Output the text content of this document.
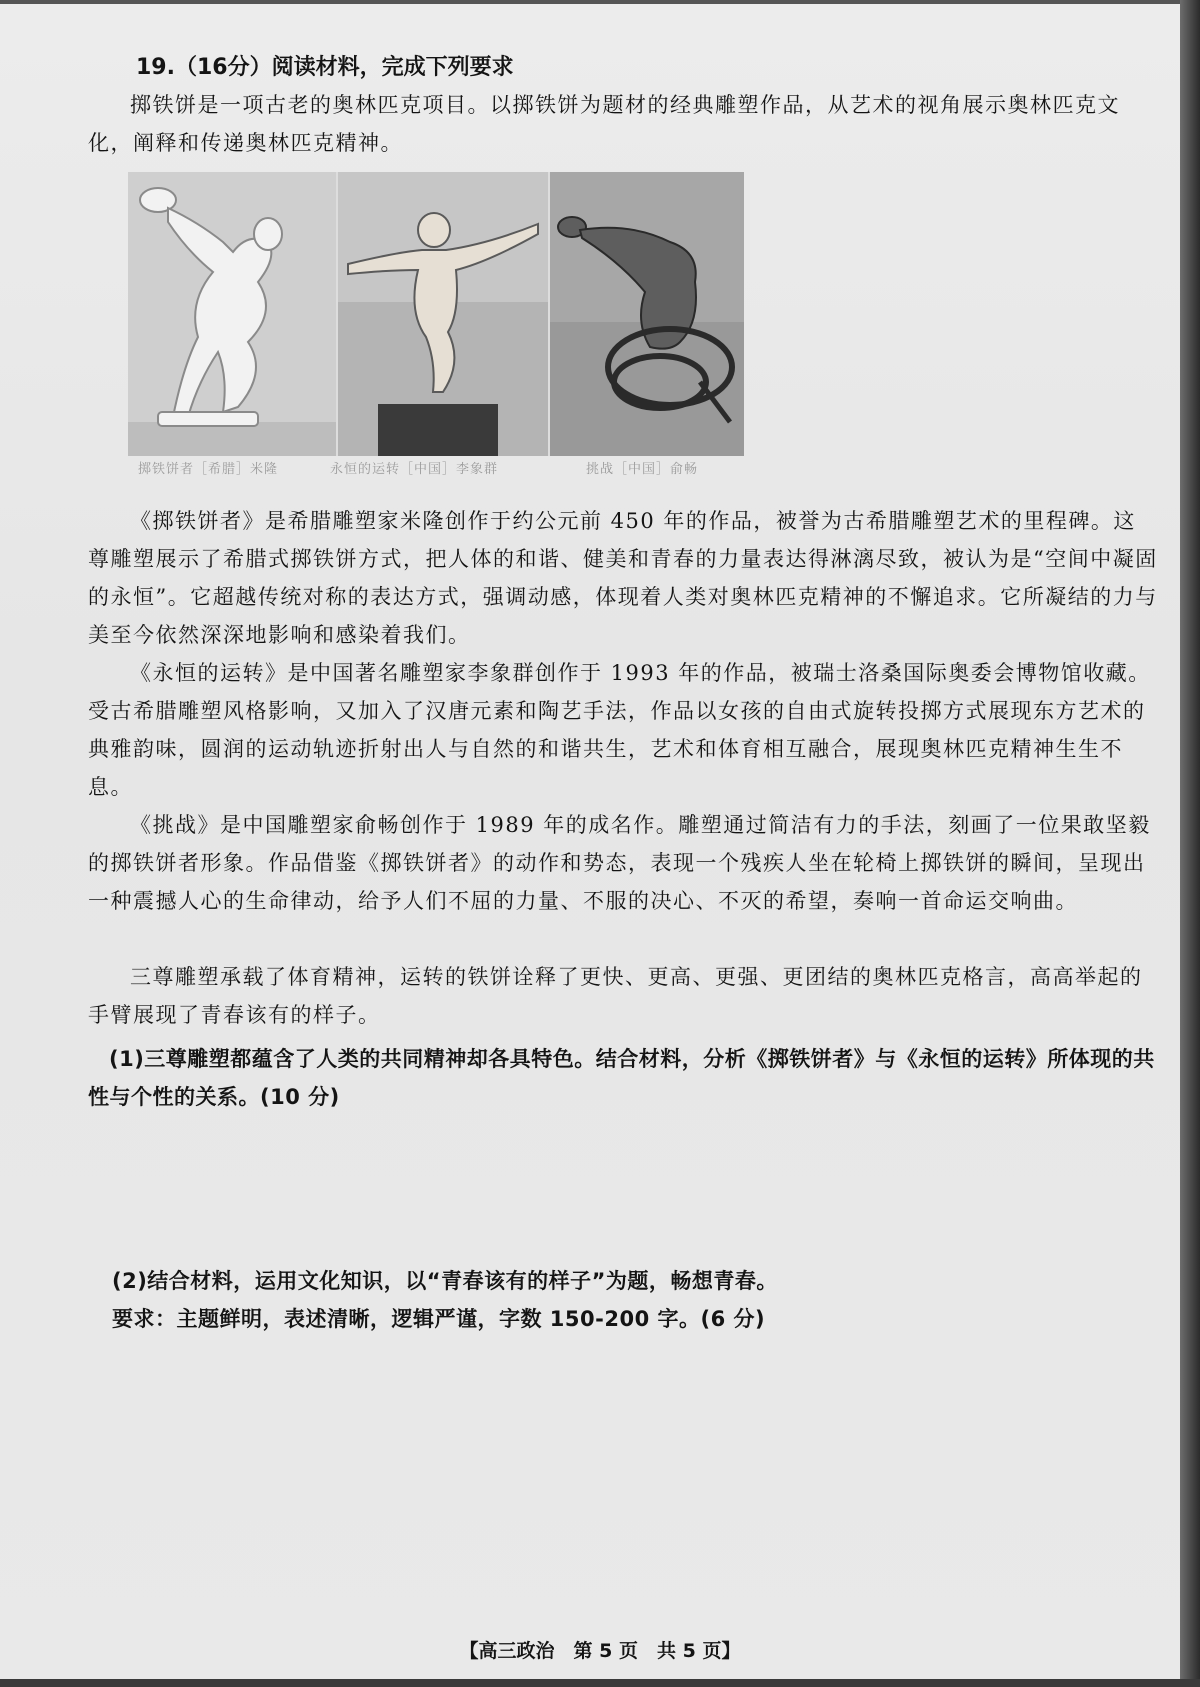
19.（16分）阅读材料，完成下列要求

掷铁饼是一项古老的奥林匹克项目。以掷铁饼为题材的经典雕塑作品，从艺术的视角展示奥林匹克文化，阐释和传递奥林匹克精神。

掷铁饼者［希腊］米隆	永恒的运转［中国］李象群	挑战［中国］俞畅

《掷铁饼者》是希腊雕塑家米隆创作于约公元前 450 年的作品，被誉为古希腊雕塑艺术的里程碑。这尊雕塑展示了希腊式掷铁饼方式，把人体的和谐、健美和青春的力量表达得淋漓尽致，被认为是“空间中凝固的永恒”。它超越传统对称的表达方式，强调动感，体现着人类对奥林匹克精神的不懈追求。它所凝结的力与美至今依然深深地影响和感染着我们。

《永恒的运转》是中国著名雕塑家李象群创作于 1993 年的作品，被瑞士洛桑国际奥委会博物馆收藏。受古希腊雕塑风格影响，又加入了汉唐元素和陶艺手法，作品以女孩的自由式旋转投掷方式展现东方艺术的典雅韵味，圆润的运动轨迹折射出人与自然的和谐共生，艺术和体育相互融合，展现奥林匹克精神生生不息。

《挑战》是中国雕塑家俞畅创作于 1989 年的成名作。雕塑通过简洁有力的手法，刻画了一位果敢坚毅的掷铁饼者形象。作品借鉴《掷铁饼者》的动作和势态，表现一个残疾人坐在轮椅上掷铁饼的瞬间，呈现出一种震撼人心的生命律动，给予人们不屈的力量、不服的决心、不灭的希望，奏响一首命运交响曲。

三尊雕塑承载了体育精神，运转的铁饼诠释了更快、更高、更强、更团结的奥林匹克格言，高高举起的手臂展现了青春该有的样子。

(1)三尊雕塑都蕴含了人类的共同精神却各具特色。结合材料，分析《掷铁饼者》与《永恒的运转》所体现的共性与个性的关系。(10 分)

(2)结合材料，运用文化知识，以“青春该有的样子”为题，畅想青春。

要求：主题鲜明，表述清晰，逻辑严谨，字数 150-200 字。(6 分)

【高三政治　第 5 页　共 5 页】
